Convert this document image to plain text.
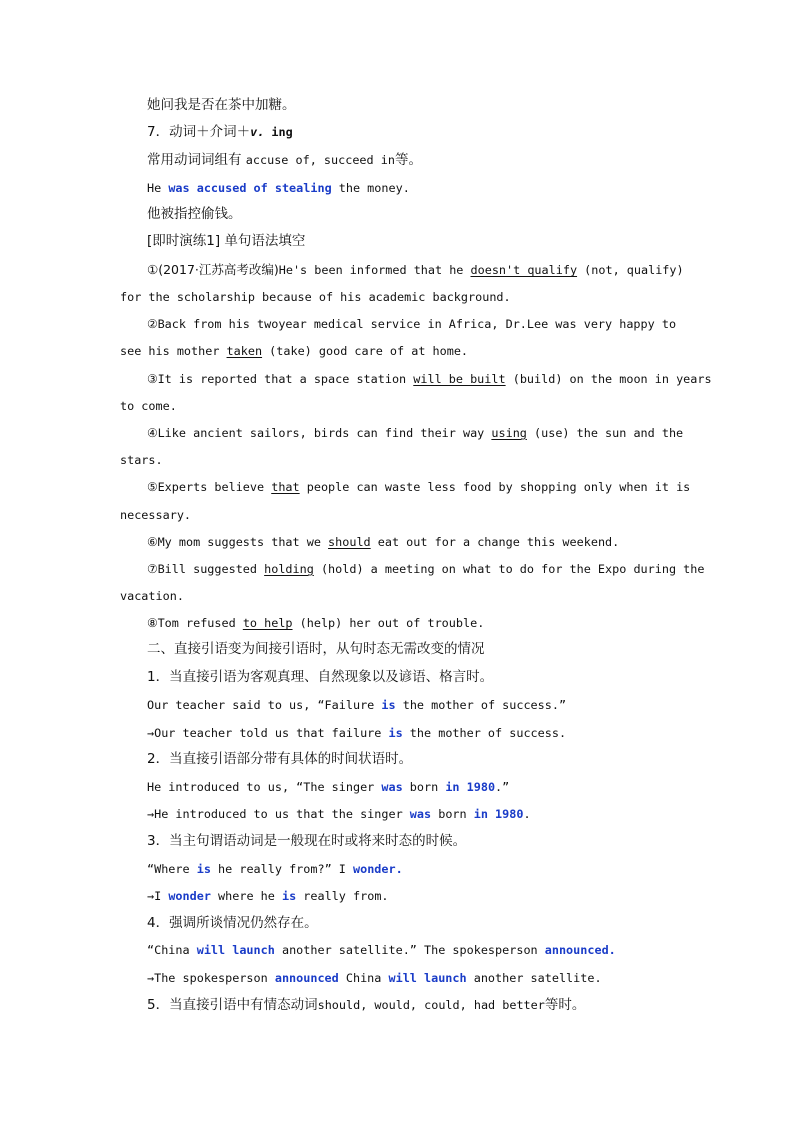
她问我是否在茶中加糖。
7．动词＋介词＋v. ing
常用动词词组有 accuse of, succeed in等。
He was accused of stealing the money.
他被指控偷钱。
[即时演练1] 单句语法填空
①(2017·江苏高考改编)He's been informed that he doesn't qualify (not, qualify)
for the scholarship because of his academic background.
②Back from his twoyear medical service in Africa, Dr.Lee was very happy to
see his mother taken (take) good care of at home.
③It is reported that a space station will be built (build) on the moon in years
to come.
④Like ancient sailors, birds can find their way using (use) the sun and the
stars.
⑤Experts believe that people can waste less food by shopping only when it is
necessary.
⑥My mom suggests that we should eat out for a change this weekend.
⑦Bill suggested holding (hold) a meeting on what to do for the Expo during the
vacation.
⑧Tom refused to help (help) her out of trouble.
二、直接引语变为间接引语时，从句时态无需改变的情况
1．当直接引语为客观真理、自然现象以及谚语、格言时。
Our teacher said to us, “Failure is the mother of success.”
→Our teacher told us that failure is the mother of success.
2．当直接引语部分带有具体的时间状语时。
He introduced to us, “The singer was born in 1980.”
→He introduced to us that the singer was born in 1980.
3．当主句谓语动词是一般现在时或将来时态的时候。
“Where is he really from?” I wonder.
→I wonder where he is really from.
4．强调所谈情况仍然存在。
“China will launch another satellite.” The spokesperson announced.
→The spokesperson announced China will launch another satellite.
5．当直接引语中有情态动词should, would, could, had better等时。
